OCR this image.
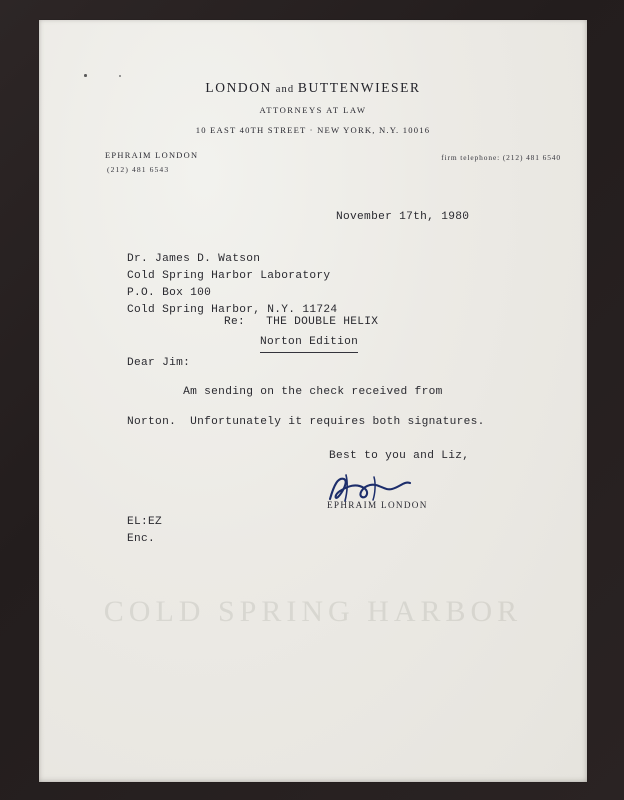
LONDON and BUTTENWIESER
ATTORNEYS AT LAW
10 EAST 40TH STREET · NEW YORK, N.Y. 10016
EPHRAIM LONDON
(212) 481 6543
firm telephone: (212) 481 6540
November 17th, 1980
Dr. James D. Watson
Cold Spring Harbor Laboratory
P.O. Box 100
Cold Spring Harbor, N.Y. 11724
Re: THE DOUBLE HELIX
Norton Edition
Dear Jim:
Am sending on the check received from
Norton.  Unfortunately it requires both signatures.
Best to you and Liz,
EPHRAIM LONDON
EL:EZ
Enc.
COLD SPRING HARBOR
